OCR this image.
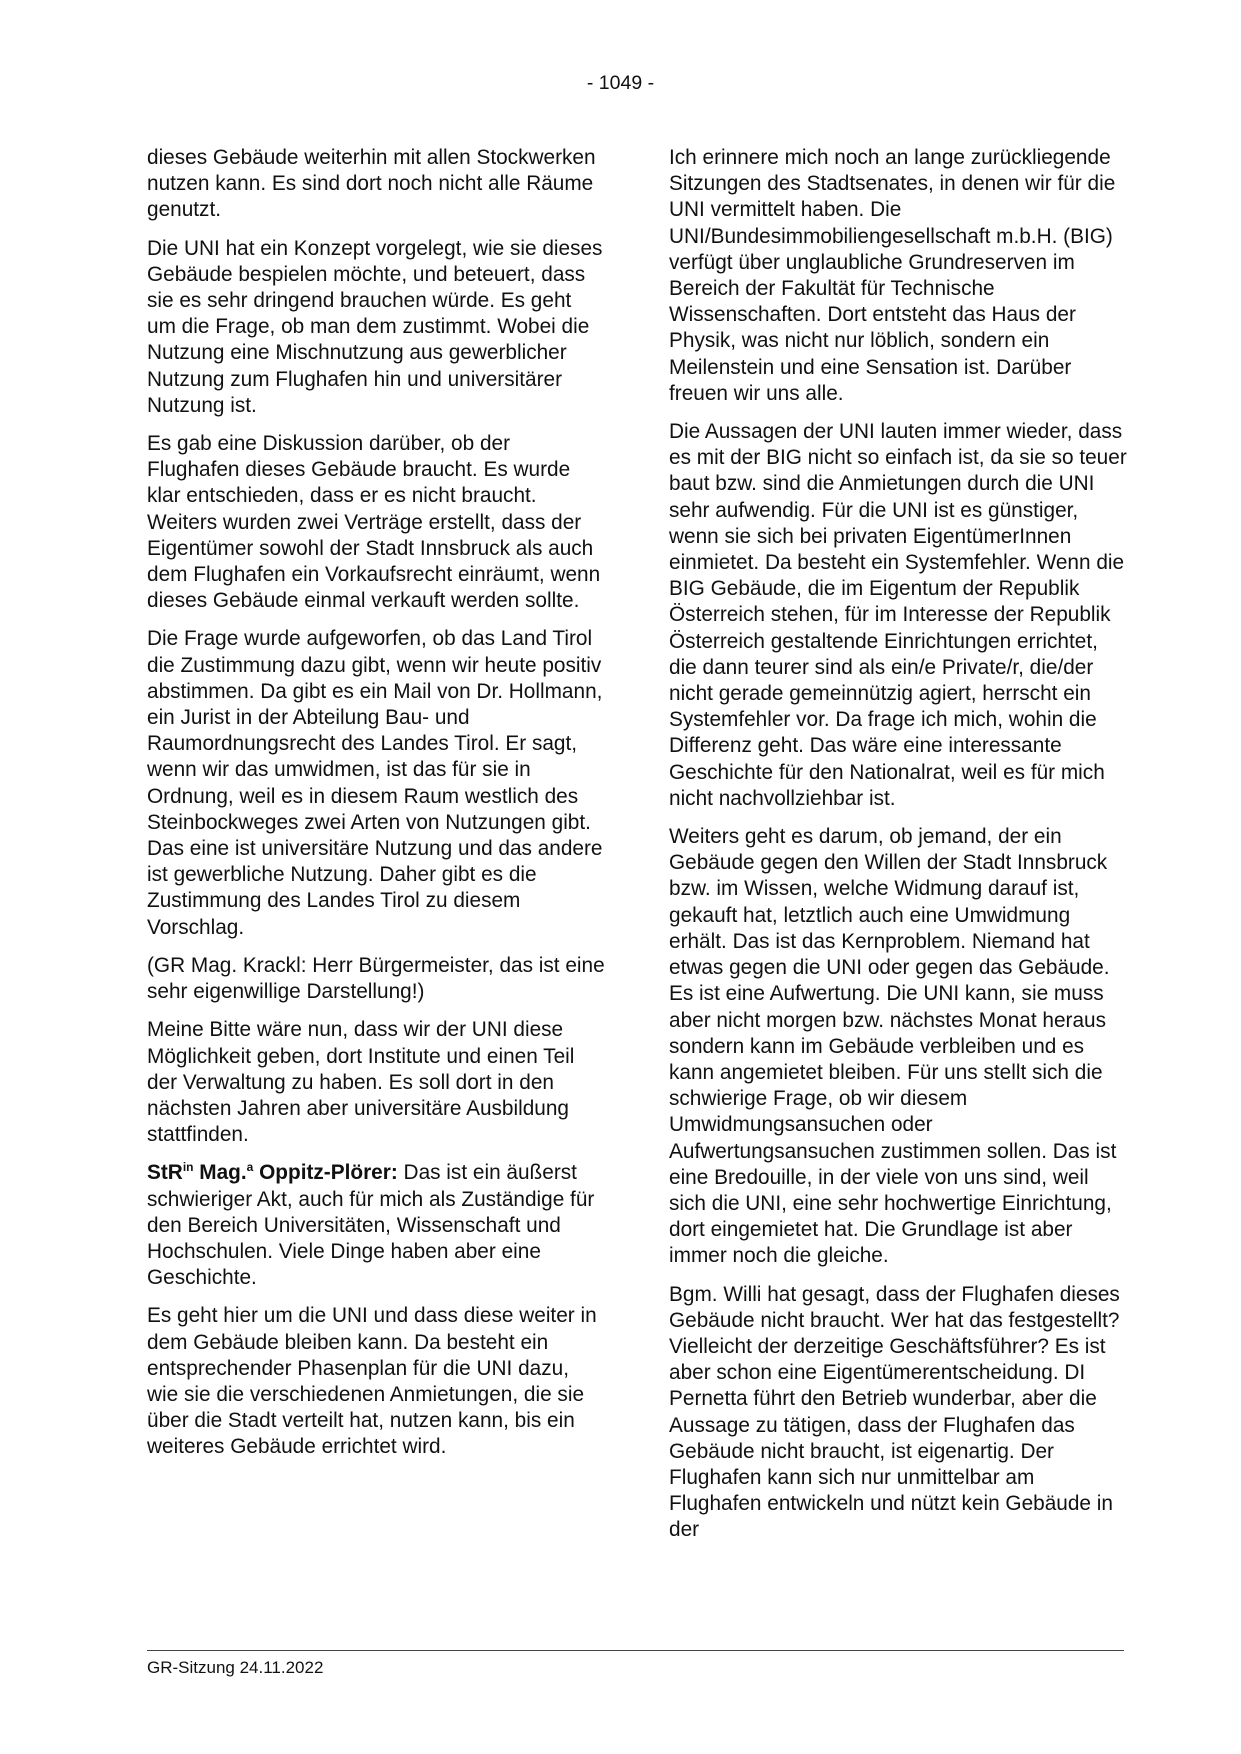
- 1049 -

dieses Gebäude weiterhin mit allen Stockwerken nutzen kann. Es sind dort noch nicht alle Räume genutzt.

Die UNI hat ein Konzept vorgelegt, wie sie dieses Gebäude bespielen möchte, und beteuert, dass sie es sehr dringend brauchen würde. Es geht um die Frage, ob man dem zustimmt. Wobei die Nutzung eine Mischnutzung aus gewerblicher Nutzung zum Flughafen hin und universitärer Nutzung ist.

Es gab eine Diskussion darüber, ob der Flughafen dieses Gebäude braucht. Es wurde klar entschieden, dass er es nicht braucht. Weiters wurden zwei Verträge erstellt, dass der Eigentümer sowohl der Stadt Innsbruck als auch dem Flughafen ein Vorkaufsrecht einräumt, wenn dieses Gebäude einmal verkauft werden sollte.

Die Frage wurde aufgeworfen, ob das Land Tirol die Zustimmung dazu gibt, wenn wir heute positiv abstimmen. Da gibt es ein Mail von Dr. Hollmann, ein Jurist in der Abteilung Bau- und Raumordnungsrecht des Landes Tirol. Er sagt, wenn wir das umwidmen, ist das für sie in Ordnung, weil es in diesem Raum westlich des Steinbockweges zwei Arten von Nutzungen gibt. Das eine ist universitäre Nutzung und das andere ist gewerbliche Nutzung. Daher gibt es die Zustimmung des Landes Tirol zu diesem Vorschlag.

(GR Mag. Krackl: Herr Bürgermeister, das ist eine sehr eigenwillige Darstellung!)

Meine Bitte wäre nun, dass wir der UNI diese Möglichkeit geben, dort Institute und einen Teil der Verwaltung zu haben. Es soll dort in den nächsten Jahren aber universitäre Ausbildung stattfinden.

StR$^{in}$ Mag.$^a$ Oppitz-Plörer: Das ist ein äußerst schwieriger Akt, auch für mich als Zuständige für den Bereich Universitäten, Wissenschaft und Hochschulen. Viele Dinge haben aber eine Geschichte.

Es geht hier um die UNI und dass diese weiter in dem Gebäude bleiben kann. Da besteht ein entsprechender Phasenplan für die UNI dazu, wie sie die verschiedenen Anmietungen, die sie über die Stadt verteilt hat, nutzen kann, bis ein weiteres Gebäude errichtet wird.

Ich erinnere mich noch an lange zurückliegende Sitzungen des Stadtsenates, in denen wir für die UNI vermittelt haben. Die UNI/Bundesimmobiliengesellschaft m.b.H. (BIG) verfügt über unglaubliche Grundreserven im Bereich der Fakultät für Technische Wissenschaften. Dort entsteht das Haus der Physik, was nicht nur löblich, sondern ein Meilenstein und eine Sensation ist. Darüber freuen wir uns alle.

Die Aussagen der UNI lauten immer wieder, dass es mit der BIG nicht so einfach ist, da sie so teuer baut bzw. sind die Anmietungen durch die UNI sehr aufwendig. Für die UNI ist es günstiger, wenn sie sich bei privaten EigentümerInnen einmietet. Da besteht ein Systemfehler. Wenn die BIG Gebäude, die im Eigentum der Republik Österreich stehen, für im Interesse der Republik Österreich gestaltende Einrichtungen errichtet, die dann teurer sind als ein/e Private/r, die/der nicht gerade gemeinnützig agiert, herrscht ein Systemfehler vor. Da frage ich mich, wohin die Differenz geht. Das wäre eine interessante Geschichte für den Nationalrat, weil es für mich nicht nachvollziehbar ist.

Weiters geht es darum, ob jemand, der ein Gebäude gegen den Willen der Stadt Innsbruck bzw. im Wissen, welche Widmung darauf ist, gekauft hat, letztlich auch eine Umwidmung erhält. Das ist das Kernproblem. Niemand hat etwas gegen die UNI oder gegen das Gebäude. Es ist eine Aufwertung. Die UNI kann, sie muss aber nicht morgen bzw. nächstes Monat heraus sondern kann im Gebäude verbleiben und es kann angemietet bleiben. Für uns stellt sich die schwierige Frage, ob wir diesem Umwidmungsansuchen oder Aufwertungsansuchen zustimmen sollen. Das ist eine Bredouille, in der viele von uns sind, weil sich die UNI, eine sehr hochwertige Einrichtung, dort eingemietet hat. Die Grundlage ist aber immer noch die gleiche.

Bgm. Willi hat gesagt, dass der Flughafen dieses Gebäude nicht braucht. Wer hat das festgestellt? Vielleicht der derzeitige Geschäftsführer? Es ist aber schon eine Eigentümerentscheidung. DI Pernetta führt den Betrieb wunderbar, aber die Aussage zu tätigen, dass der Flughafen das Gebäude nicht braucht, ist eigenartig. Der Flughafen kann sich nur unmittelbar am Flughafen entwickeln und nützt kein Gebäude in der

GR-Sitzung 24.11.2022
